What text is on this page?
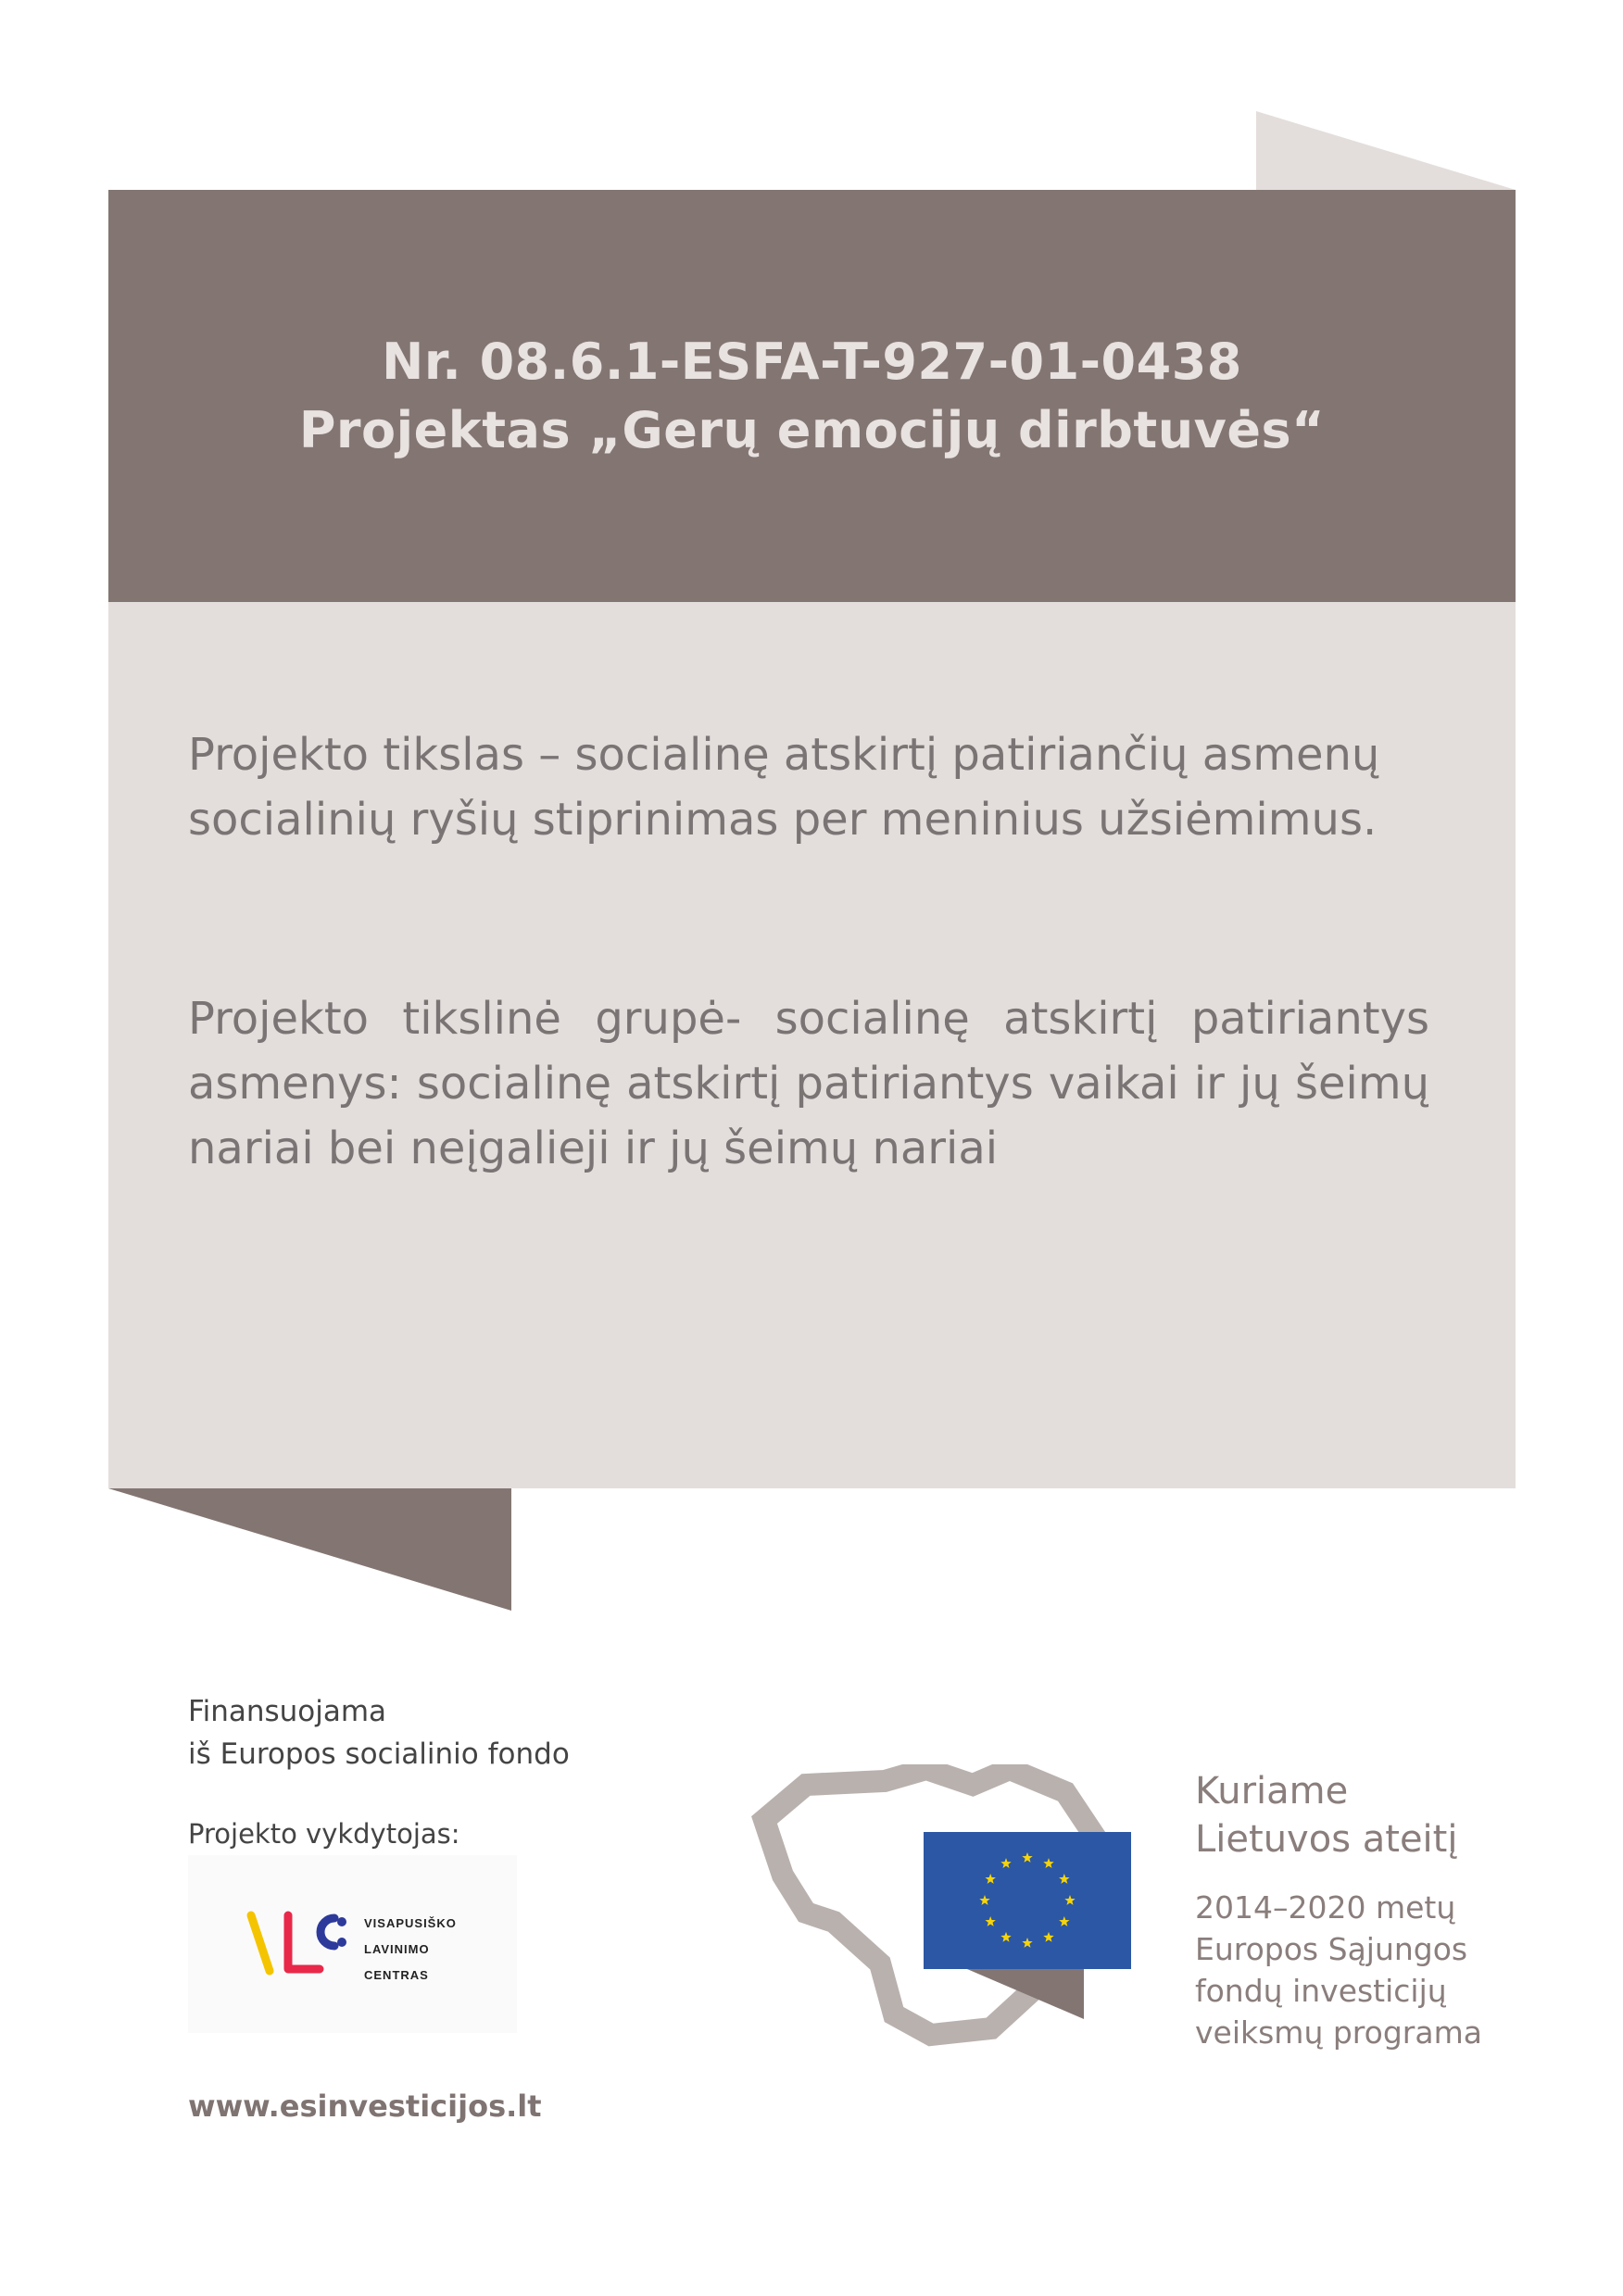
Nr. 08.6.1-ESFA-T-927-01-0438
Projektas „Gerų emocijų dirbtuvės“
Projekto tikslas – socialinę atskirtį patiriančių asmenų
socialinių ryšių stiprinimas per meninius užsiėmimus.
Projekto tikslinė grupė- socialinę atskirtį patiriantys asmenys: socialinę atskirtį patiriantys vaikai ir jų šeimų nariai bei neįgalieji ir jų šeimų nariai
Finansuojama
iš Europos socialinio fondo
Projekto vykdytojas:
VISAPUSIŠKO
LAVINIMO
CENTRAS
www.esinvesticijos.lt
Kuriame
Lietuvos ateitį
2014–2020 metų
Europos Sąjungos
fondų investicijų
veiksmų programa
